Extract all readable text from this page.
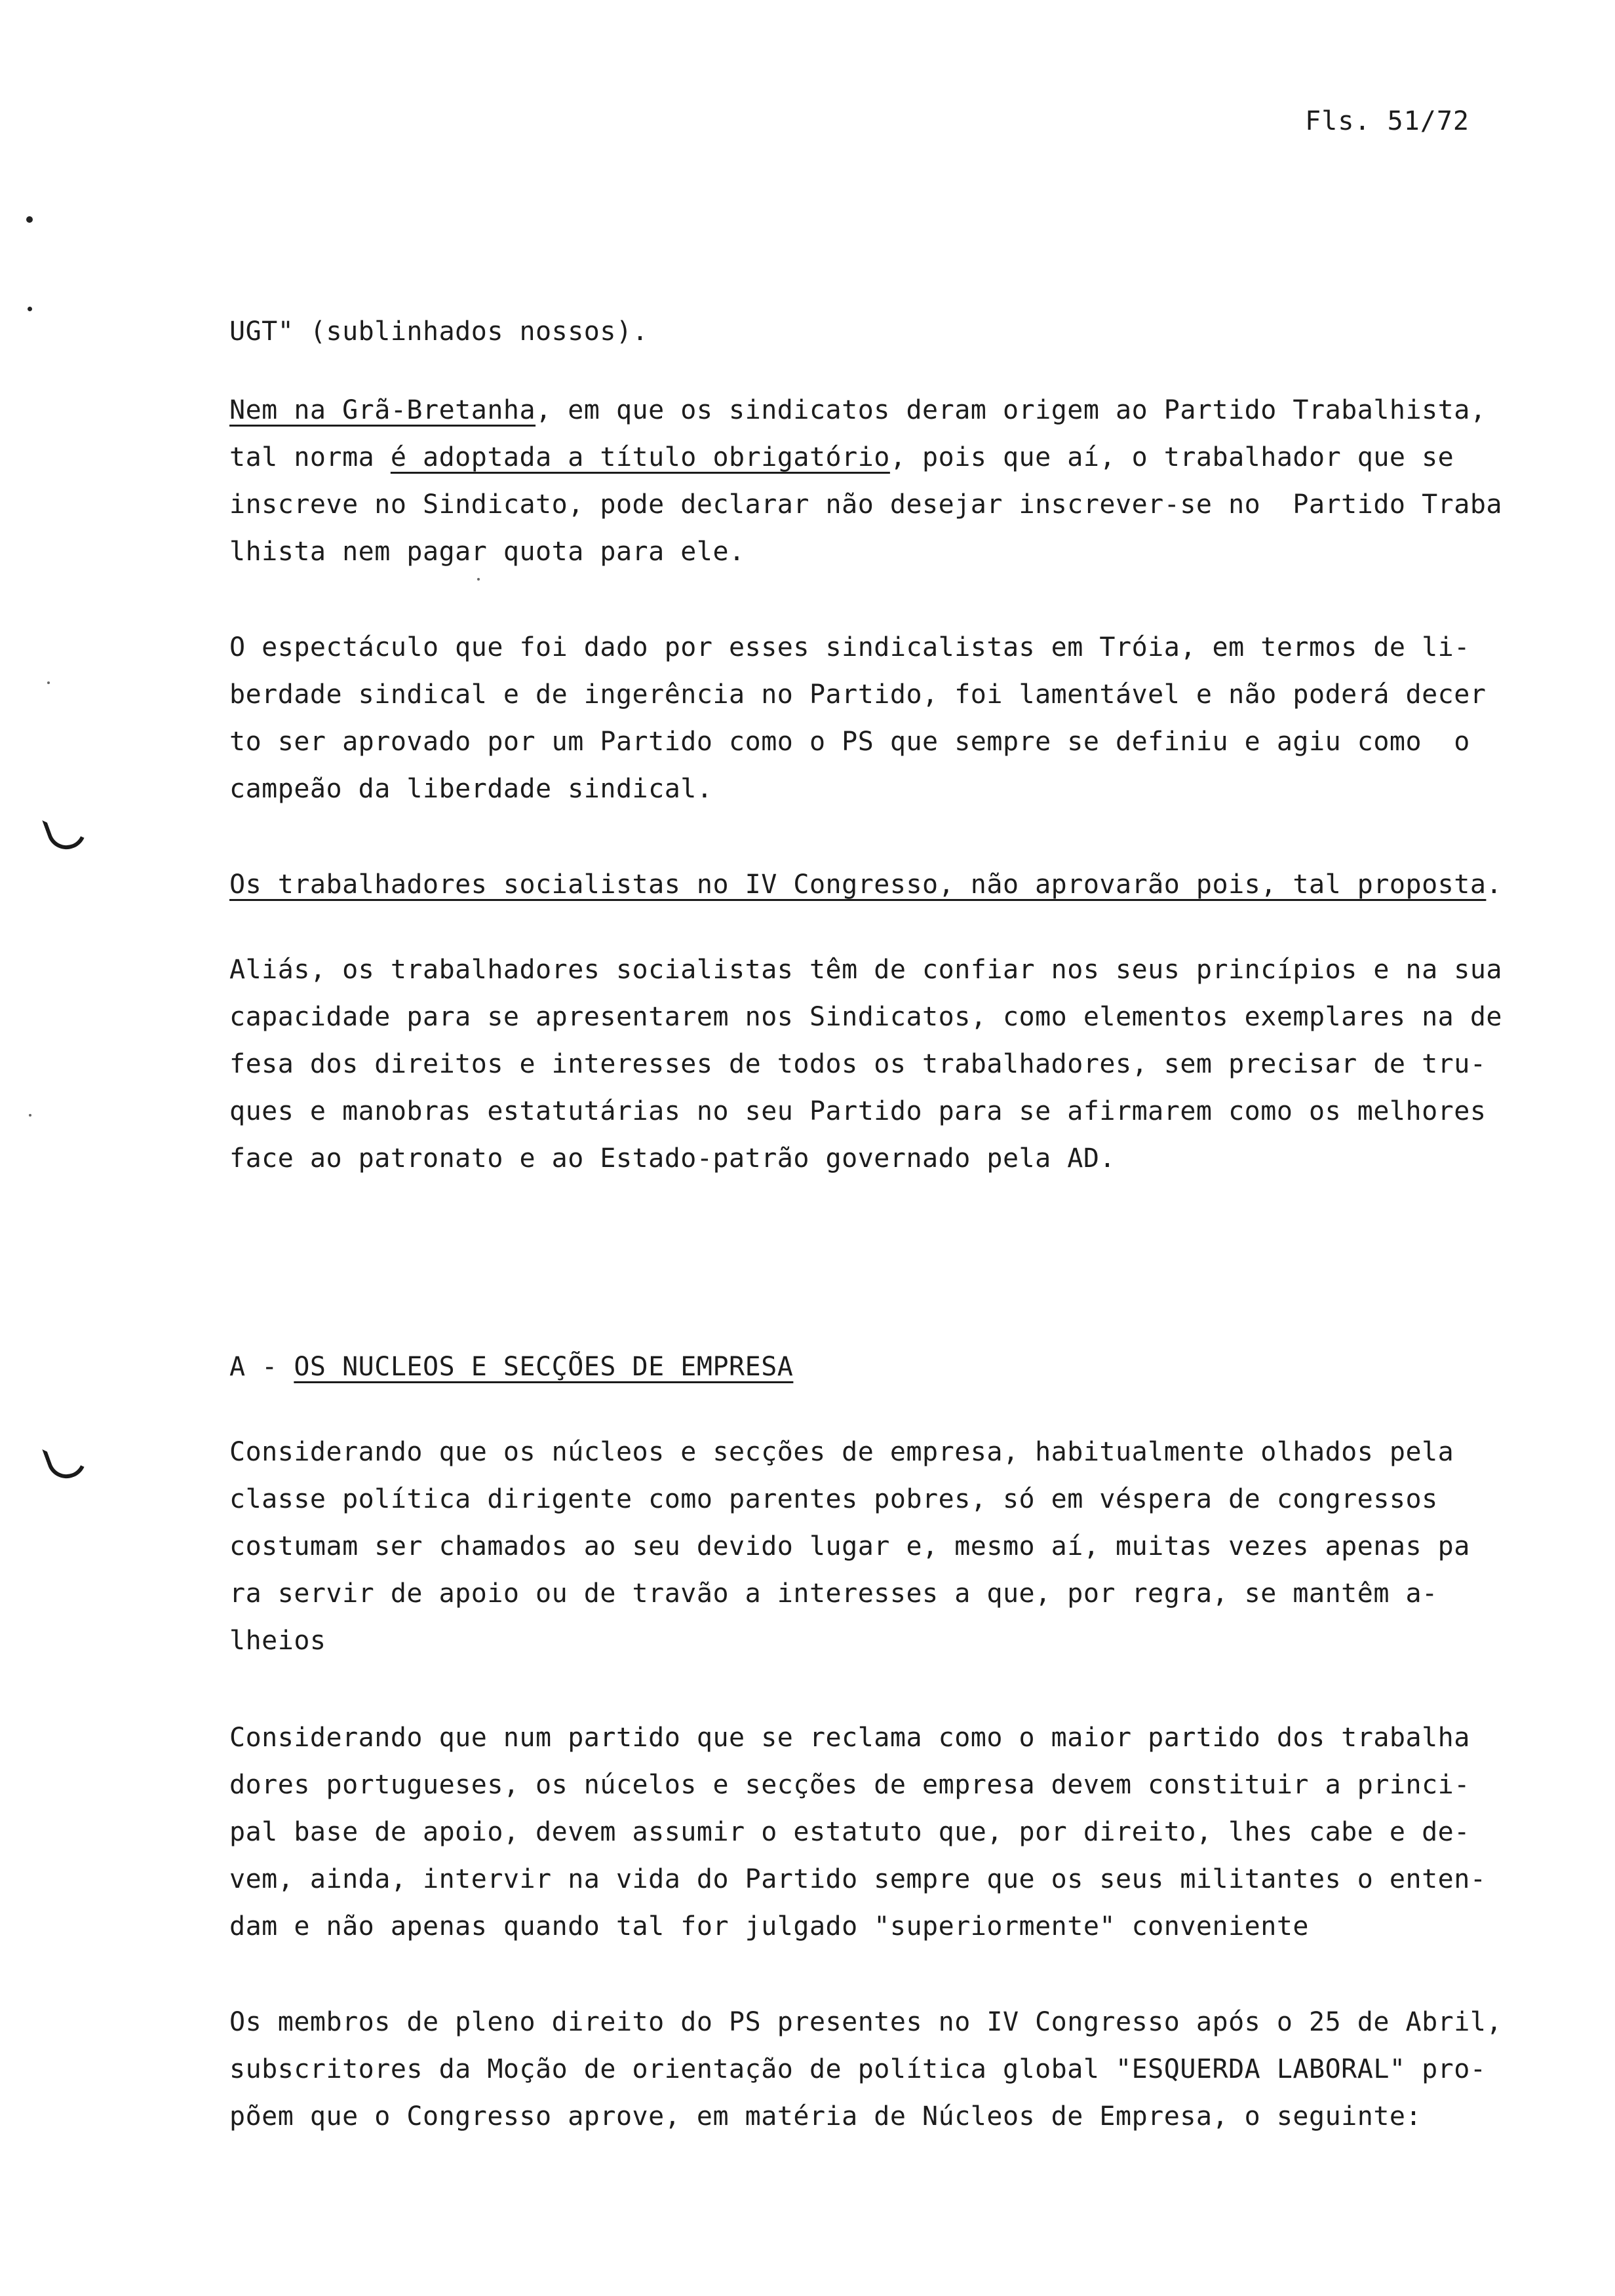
Fls. 51/72
UGT" (sublinhados nossos).
Nem na Grã-Bretanha, em que os sindicatos deram origem ao Partido Trabalhista,
tal norma é adoptada a título obrigatório, pois que aí, o trabalhador que se
inscreve no Sindicato, pode declarar não desejar inscrever-se no  Partido Traba
lhista nem pagar quota para ele.
O espectáculo que foi dado por esses sindicalistas em Tróia, em termos de li-
berdade sindical e de ingerência no Partido, foi lamentável e não poderá decer
to ser aprovado por um Partido como o PS que sempre se definiu e agiu como  o
campeão da liberdade sindical.
Os trabalhadores socialistas no IV Congresso, não aprovarão pois, tal proposta.
Aliás, os trabalhadores socialistas têm de confiar nos seus princípios e na sua
capacidade para se apresentarem nos Sindicatos, como elementos exemplares na de
fesa dos direitos e interesses de todos os trabalhadores, sem precisar de tru-
ques e manobras estatutárias no seu Partido para se afirmarem como os melhores
face ao patronato e ao Estado-patrão governado pela AD.
A - OS NUCLEOS E SECÇÕES DE EMPRESA
Considerando que os núcleos e secções de empresa, habitualmente olhados pela
classe política dirigente como parentes pobres, só em véspera de congressos
costumam ser chamados ao seu devido lugar e, mesmo aí, muitas vezes apenas pa
ra servir de apoio ou de travão a interesses a que, por regra, se mantêm a-
lheios
Considerando que num partido que se reclama como o maior partido dos trabalha
dores portugueses, os núcelos e secções de empresa devem constituir a princi-
pal base de apoio, devem assumir o estatuto que, por direito, lhes cabe e de-
vem, ainda, intervir na vida do Partido sempre que os seus militantes o enten-
dam e não apenas quando tal for julgado "superiormente" conveniente
Os membros de pleno direito do PS presentes no IV Congresso após o 25 de Abril,
subscritores da Moção de orientação de política global "ESQUERDA LABORAL" pro-
põem que o Congresso aprove, em matéria de Núcleos de Empresa, o seguinte:
